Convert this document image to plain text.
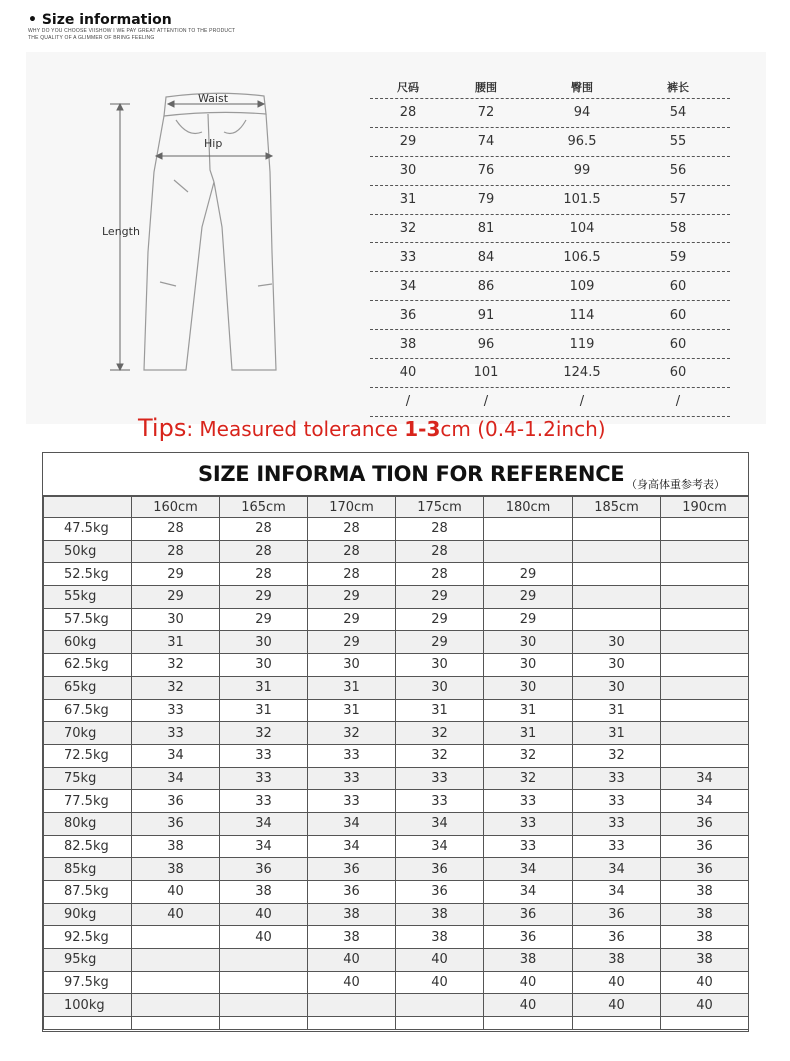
• Size information
WHY DO YOU CHOOSE VIISHOW I WE PAY GREAT ATTENTION TO THE PRODUCT
THE QUALITY OF A GLIMMER OF BRING FEELING
Waist
Hip
Length
尺码	腰围	臀围	裤长
28	72	94	54
29	74	96.5	55
30	76	99	56
31	79	101.5	57
32	81	104	58
33	84	106.5	59
34	86	109	60
36	91	114	60
38	96	119	60
40	101	124.5	60
/	/	/	/
Tips: Measured tolerance 1-3cm (0.4-1.2inch)
SIZE INFORMA TION FOR REFERENCE （身高体重参考表）
	160cm	165cm	170cm	175cm	180cm	185cm	190cm
47.5kg	28	28	28	28			
50kg	28	28	28	28			
52.5kg	29	28	28	28	29		
55kg	29	29	29	29	29		
57.5kg	30	29	29	29	29		
60kg	31	30	29	29	30	30	
62.5kg	32	30	30	30	30	30	
65kg	32	31	31	30	30	30	
67.5kg	33	31	31	31	31	31	
70kg	33	32	32	32	31	31	
72.5kg	34	33	33	32	32	32	
75kg	34	33	33	33	32	33	34
77.5kg	36	33	33	33	33	33	34
80kg	36	34	34	34	33	33	36
82.5kg	38	34	34	34	33	33	36
85kg	38	36	36	36	34	34	36
87.5kg	40	38	36	36	34	34	38
90kg	40	40	38	38	36	36	38
92.5kg		40	38	38	36	36	38
95kg			40	40	38	38	38
97.5kg			40	40	40	40	40
100kg					40	40	40
